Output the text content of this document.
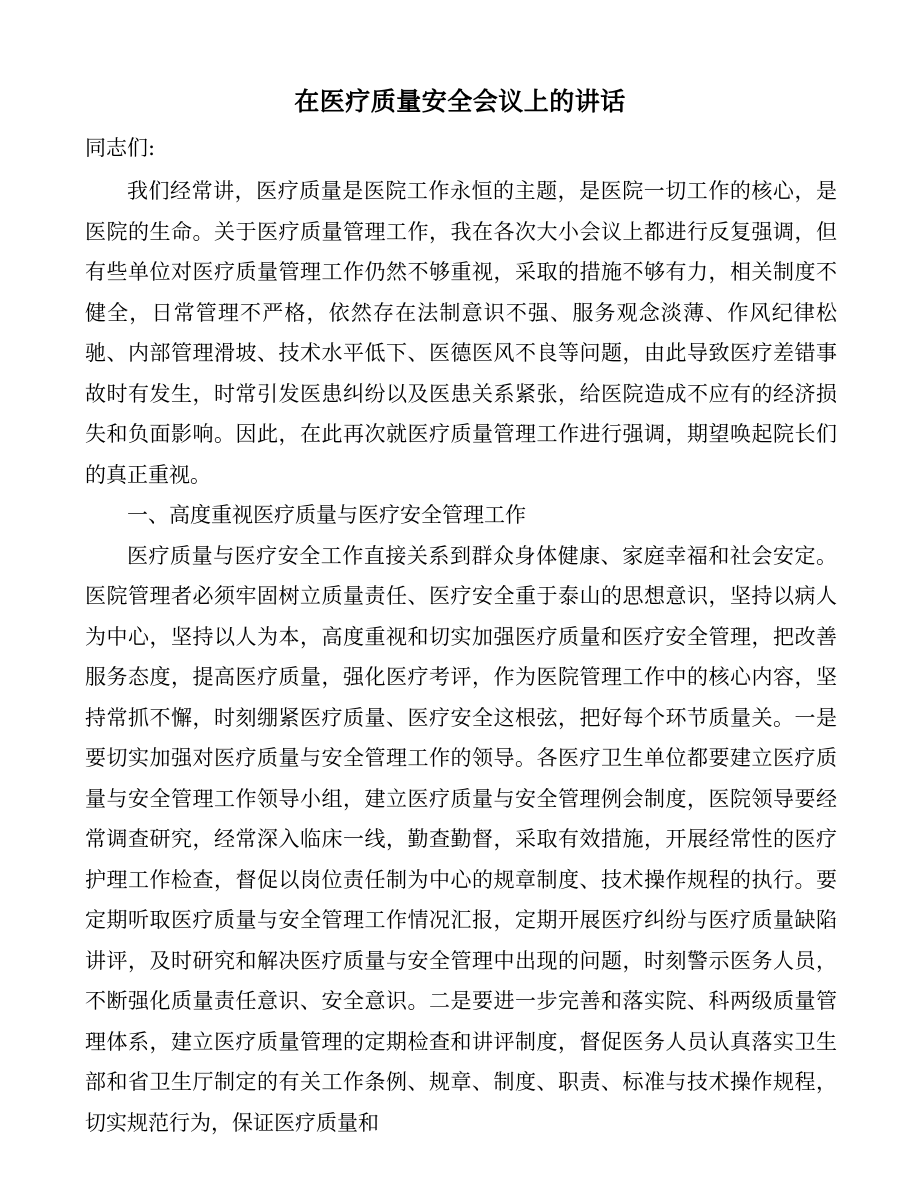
在医疗质量安全会议上的讲话
同志们:

我们经常讲，医疗质量是医院工作永恒的主题，是医院一切工作的核心，是医院的生命。关于医疗质量管理工作，我在各次大小会议上都进行反复强调，但有些单位对医疗质量管理工作仍然不够重视，采取的措施不够有力，相关制度不健全，日常管理不严格，依然存在法制意识不强、服务观念淡薄、作风纪律松驰、内部管理滑坡、技术水平低下、医德医风不良等问题，由此导致医疗差错事故时有发生，时常引发医患纠纷以及医患关系紧张，给医院造成不应有的经济损失和负面影响。因此，在此再次就医疗质量管理工作进行强调，期望唤起院长们的真正重视。

一、高度重视医疗质量与医疗安全管理工作

医疗质量与医疗安全工作直接关系到群众身体健康、家庭幸福和社会安定。医院管理者必须牢固树立质量责任、医疗安全重于泰山的思想意识，坚持以病人为中心，坚持以人为本，高度重视和切实加强医疗质量和医疗安全管理，把改善服务态度，提高医疗质量，强化医疗考评，作为医院管理工作中的核心内容，坚持常抓不懈，时刻绷紧医疗质量、医疗安全这根弦，把好每个环节质量关。一是要切实加强对医疗质量与安全管理工作的领导。各医疗卫生单位都要建立医疗质量与安全管理工作领导小组，建立医疗质量与安全管理例会制度，医院领导要经常调查研究，经常深入临床一线，勤查勤督，采取有效措施，开展经常性的医疗护理工作检查，督促以岗位责任制为中心的规章制度、技术操作规程的执行。要定期听取医疗质量与安全管理工作情况汇报，定期开展医疗纠纷与医疗质量缺陷讲评，及时研究和解决医疗质量与安全管理中出现的问题，时刻警示医务人员，不断强化质量责任意识、安全意识。二是要进一步完善和落实院、科两级质量管理体系，建立医疗质量管理的定期检查和讲评制度，督促医务人员认真落实卫生部和省卫生厅制定的有关工作条例、规章、制度、职责、标准与技术操作规程，切实规范行为，保证医疗质量和
